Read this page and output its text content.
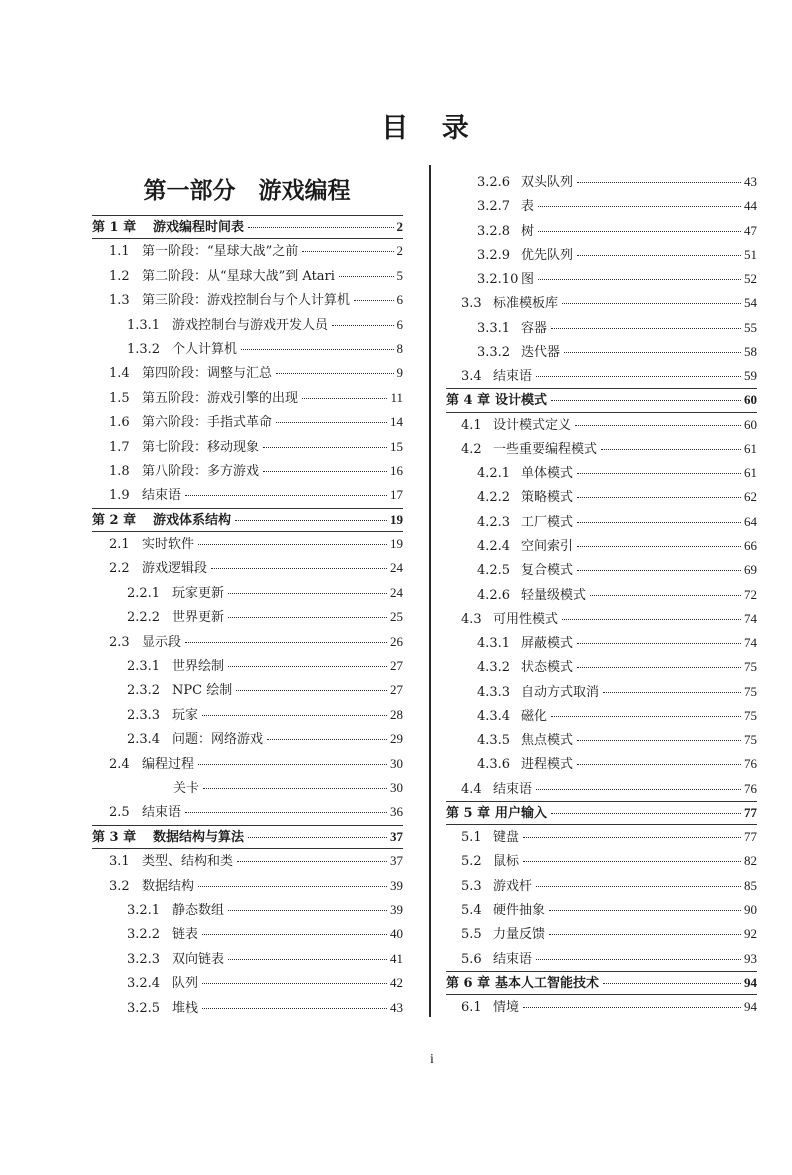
目 录
第一部分　游戏编程
第 1 章	游戏编程时间表	2
1.1 第一阶段：“星球大战”之前	2
1.2 第二阶段：从“星球大战”到 Atari	5
1.3 第三阶段：游戏控制台与个人计算机	6
1.3.1 游戏控制台与游戏开发人员	6
1.3.2 个人计算机	8
1.4 第四阶段：调整与汇总	9
1.5 第五阶段：游戏引擎的出现	11
1.6 第六阶段：手指式革命	14
1.7 第七阶段：移动现象	15
1.8 第八阶段：多方游戏	16
1.9 结束语	17
第 2 章	游戏体系结构	19
2.1 实时软件	19
2.2 游戏逻辑段	24
2.2.1 玩家更新	24
2.2.2 世界更新	25
2.3 显示段	26
2.3.1 世界绘制	27
2.3.2 NPC 绘制	27
2.3.3 玩家	28
2.3.4 问题：网络游戏	29
2.4 编程过程	30
关卡	30
2.5 结束语	36
第 3 章	数据结构与算法	37
3.1 类型、结构和类	37
3.2 数据结构	39
3.2.1 静态数组	39
3.2.2 链表	40
3.2.3 双向链表	41
3.2.4 队列	42
3.2.5 堆栈	43
3.2.6 双头队列	43
3.2.7 表	44
3.2.8 树	47
3.2.9 优先队列	51
3.2.10 图	52
3.3 标准模板库	54
3.3.1 容器	55
3.3.2 迭代器	58
3.4 结束语	59
第 4 章 设计模式	60
4.1 设计模式定义	60
4.2 一些重要编程模式	61
4.2.1 单体模式	61
4.2.2 策略模式	62
4.2.3 工厂模式	64
4.2.4 空间索引	66
4.2.5 复合模式	69
4.2.6 轻量级模式	72
4.3 可用性模式	74
4.3.1 屏蔽模式	74
4.3.2 状态模式	75
4.3.3 自动方式取消	75
4.3.4 磁化	75
4.3.5 焦点模式	75
4.3.6 进程模式	76
4.4 结束语	76
第 5 章 用户输入	77
5.1 键盘	77
5.2 鼠标	82
5.3 游戏杆	85
5.4 硬件抽象	90
5.5 力量反馈	92
5.6 结束语	93
第 6 章 基本人工智能技术	94
6.1 情境	94
i
